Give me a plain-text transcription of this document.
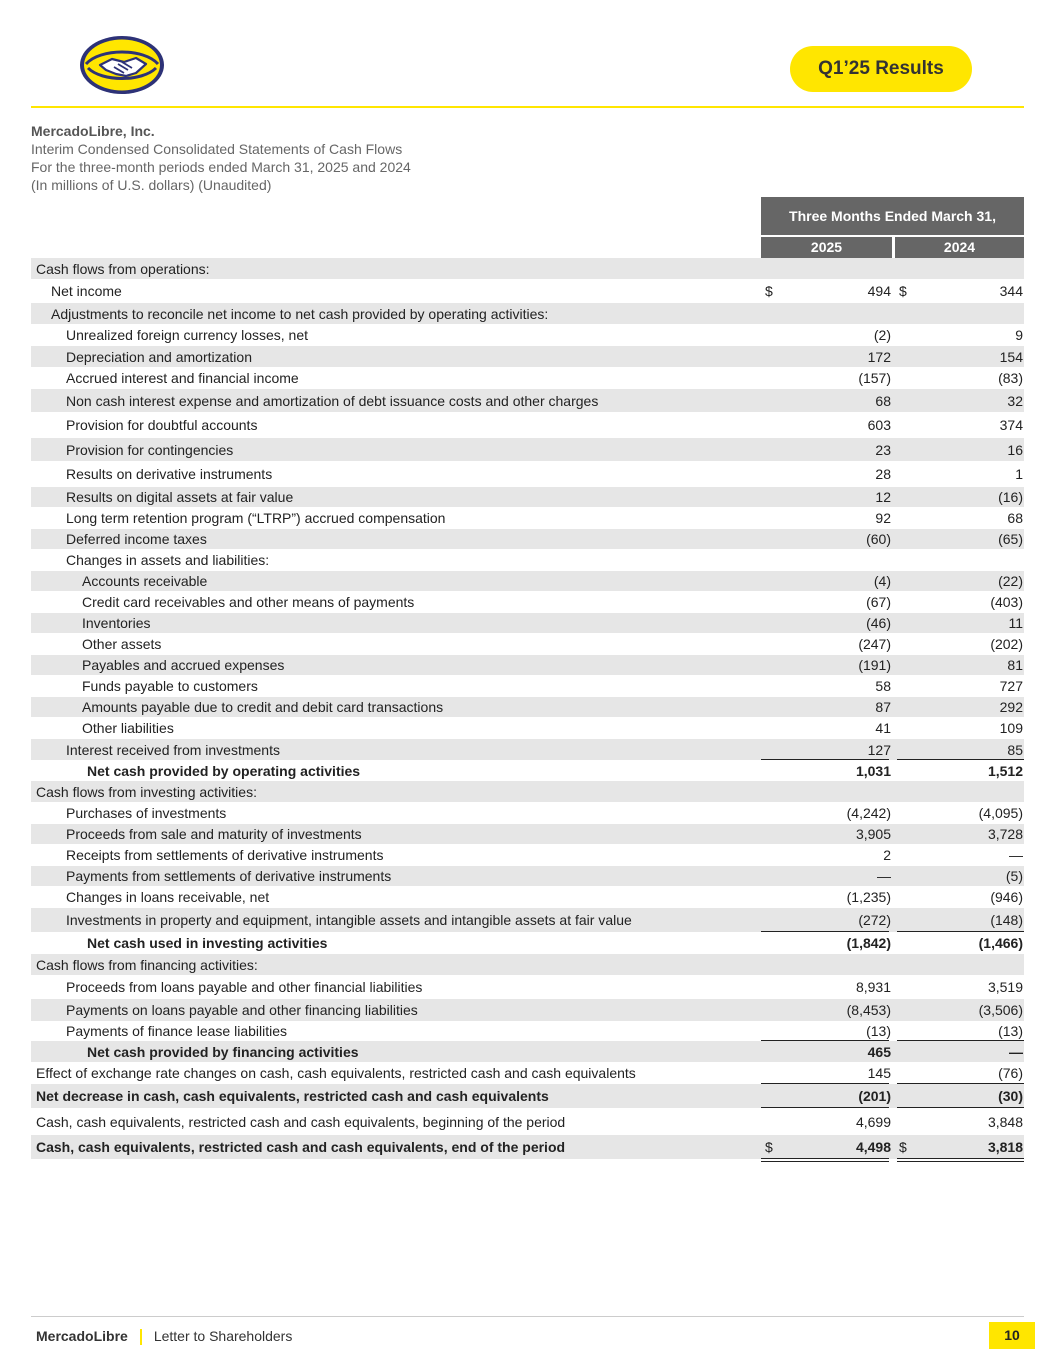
Q1’25 Results
MercadoLibre, Inc.
Interim Condensed Consolidated Statements of Cash Flows
For the three-month periods ended March 31, 2025 and 2024
(In millions of U.S. dollars) (Unaudited)
Three Months Ended March 31,
2025	2024
Cash flows from operations:
Net income	$	494 $	344
Adjustments to reconcile net income to net cash provided by operating activities:
Unrealized foreign currency losses, net	(2)	9
Depreciation and amortization	172	154
Accrued interest and financial income	(157)	(83)
Non cash interest expense and amortization of debt issuance costs and other charges	68	32
Provision for doubtful accounts	603	374
Provision for contingencies	23	16
Results on derivative instruments	28	1
Results on digital assets at fair value	12	(16)
Long term retention program (“LTRP”) accrued compensation	92	68
Deferred income taxes	(60)	(65)
Changes in assets and liabilities:
Accounts receivable	(4)	(22)
Credit card receivables and other means of payments	(67)	(403)
Inventories	(46)	11
Other assets	(247)	(202)
Payables and accrued expenses	(191)	81
Funds payable to customers	58	727
Amounts payable due to credit and debit card transactions	87	292
Other liabilities	41	109
Interest received from investments	127	85
Net cash provided by operating activities	1,031	1,512
Cash flows from investing activities:
Purchases of investments	(4,242)	(4,095)
Proceeds from sale and maturity of investments	3,905	3,728
Receipts from settlements of derivative instruments	2	—
Payments from settlements of derivative instruments	—	(5)
Changes in loans receivable, net	(1,235)	(946)
Investments in property and equipment, intangible assets and intangible assets at fair value	(272)	(148)
Net cash used in investing activities	(1,842)	(1,466)
Cash flows from financing activities:
Proceeds from loans payable and other financial liabilities	8,931	3,519
Payments on loans payable and other financing liabilities	(8,453)	(3,506)
Payments of finance lease liabilities	(13)	(13)
Net cash provided by financing activities	465	—
Effect of exchange rate changes on cash, cash equivalents, restricted cash and cash equivalents	145	(76)
Net decrease in cash, cash equivalents, restricted cash and cash equivalents	(201)	(30)
Cash, cash equivalents, restricted cash and cash equivalents, beginning of the period	4,699	3,848
Cash, cash equivalents, restricted cash and cash equivalents, end of the period	$	4,498 $	3,818
MercadoLibre Letter to Shareholders	10
